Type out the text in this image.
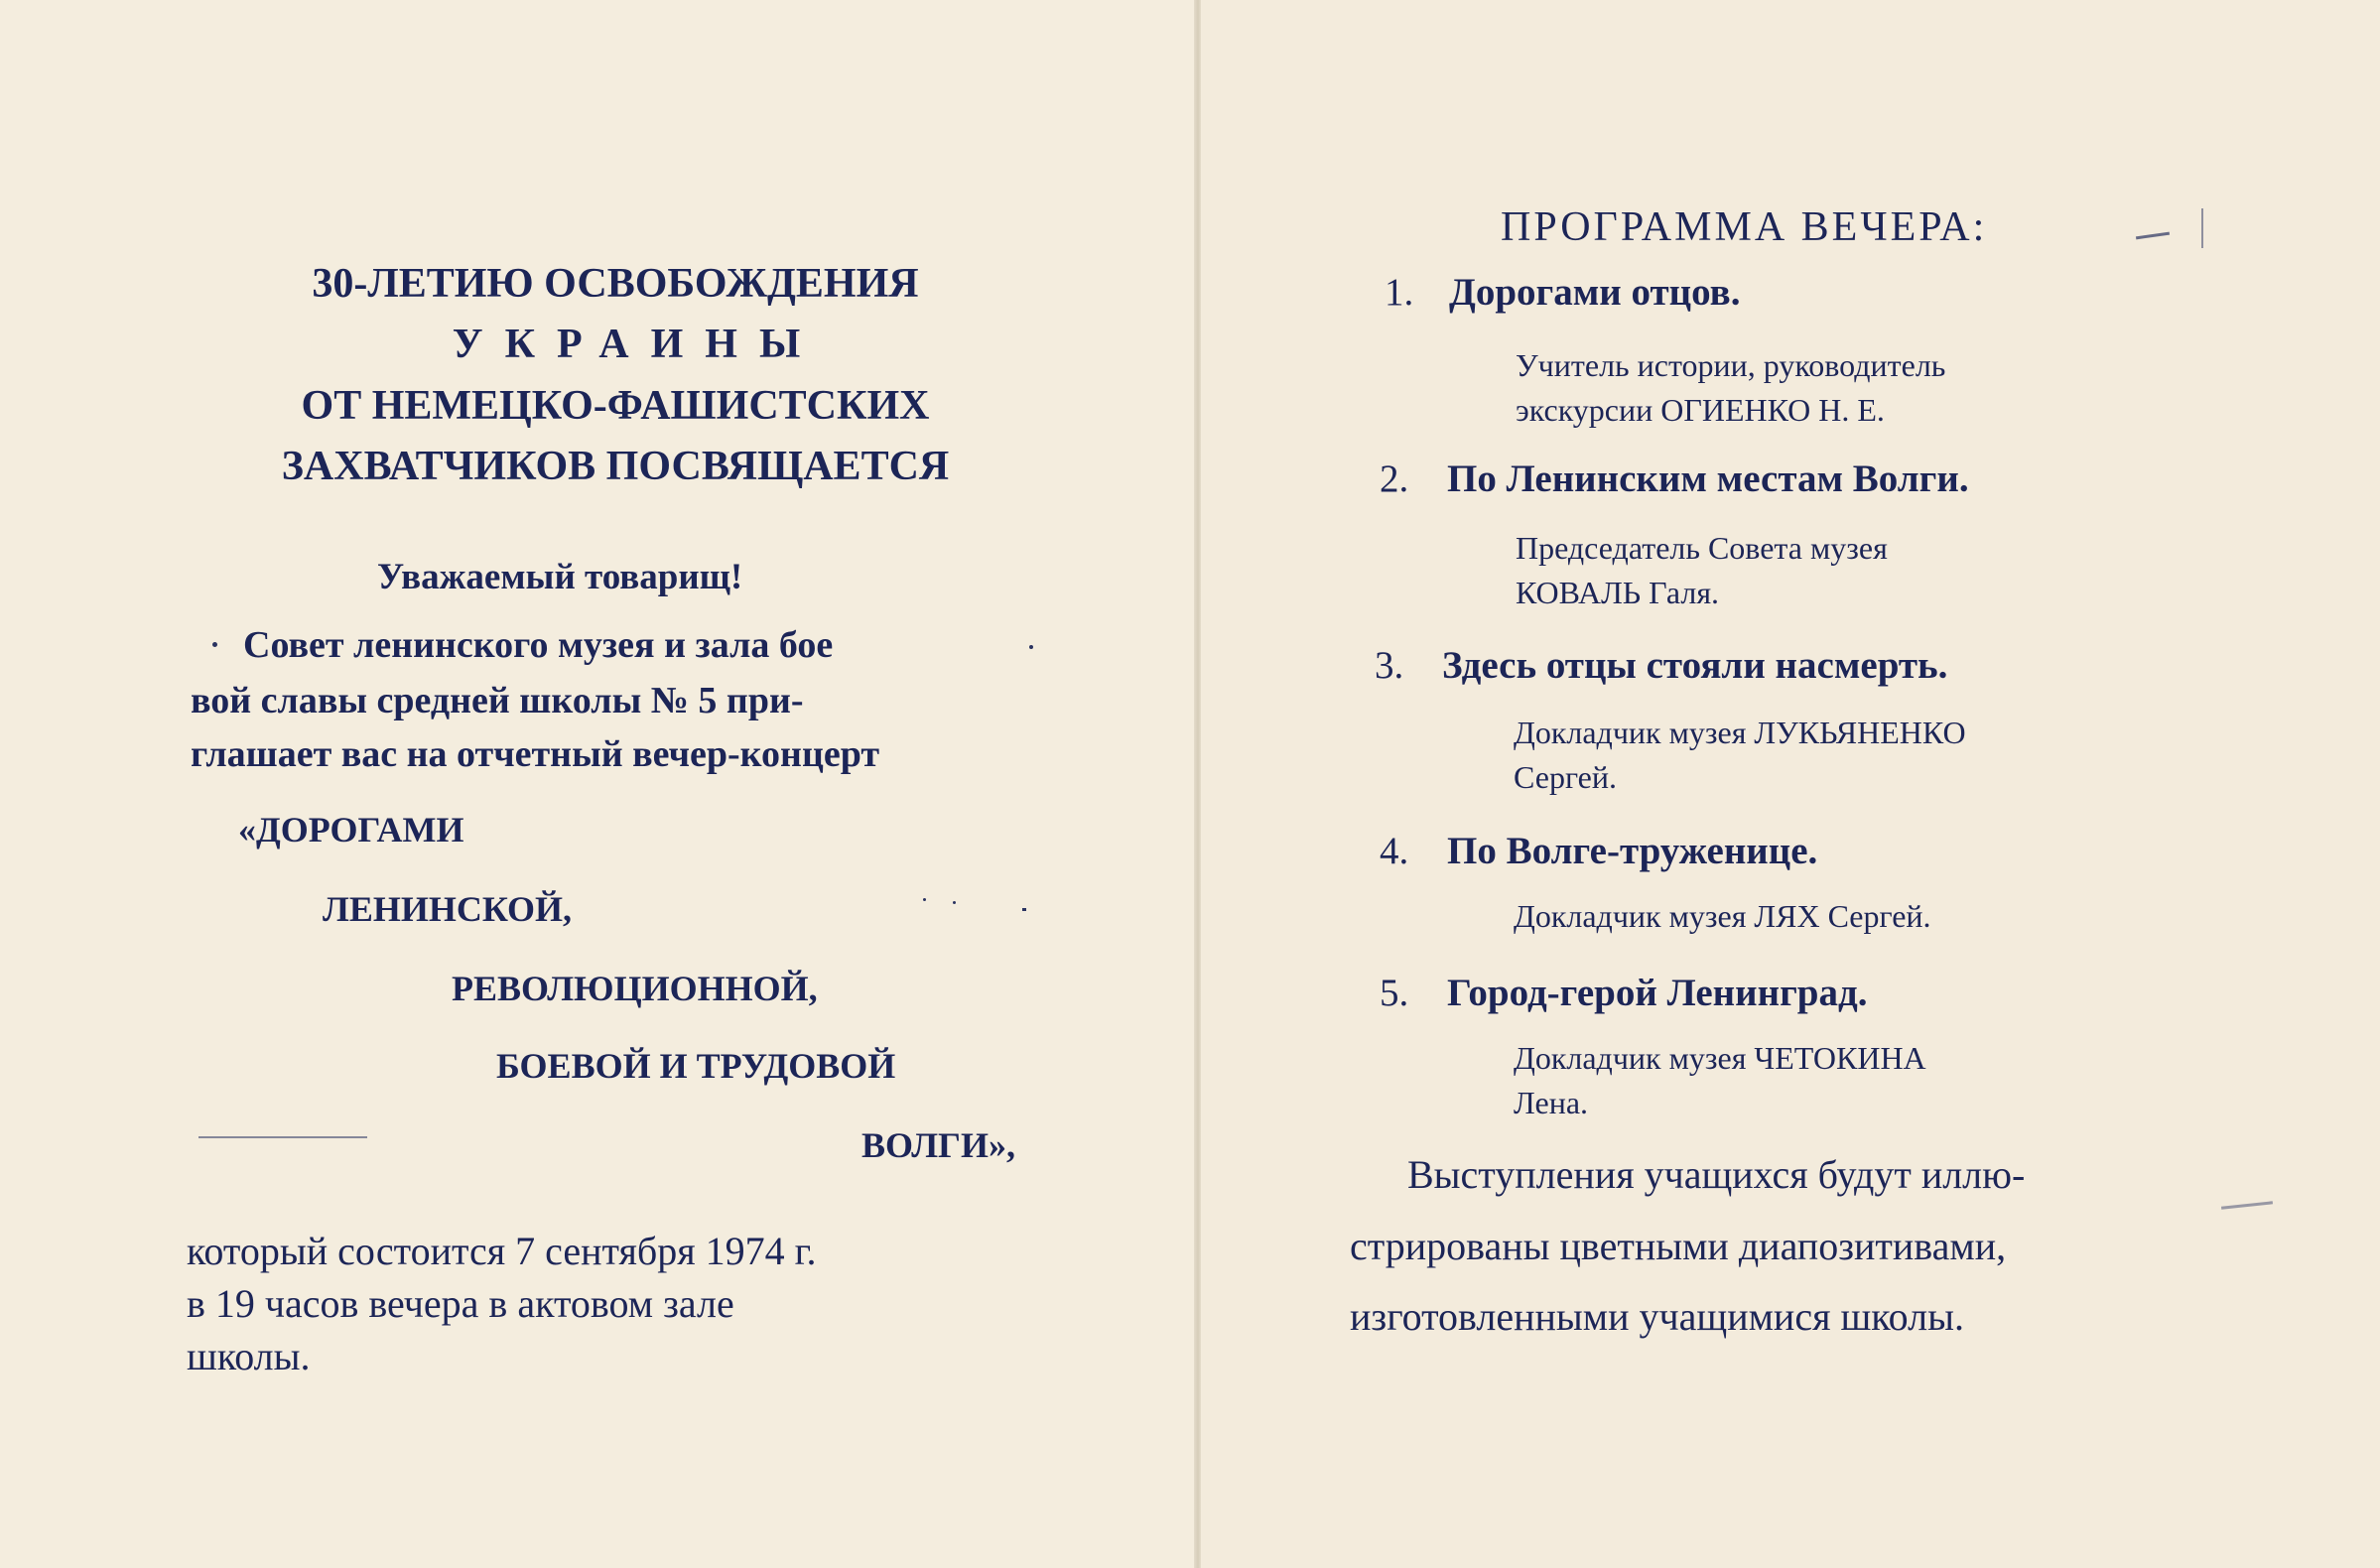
30-ЛЕТИЮ ОСВОБОЖДЕНИЯ
УКРАИНЫ
ОТ НЕМЕЦКО-ФАШИСТСКИХ
ЗАХВАТЧИКОВ ПОСВЯЩАЕТСЯ
Уважаемый товарищ!
Совет ленинского музея и зала бое
вой славы средней школы № 5 при-
глашает вас на отчетный вечер-концерт
«ДОРОГАМИ
ЛЕНИНСКОЙ,
РЕВОЛЮЦИОННОЙ,
БОЕВОЙ И ТРУДОВОЙ
ВОЛГИ»,
который состоится 7 сентября 1974 г.
в 19 часов вечера в актовом зале
школы.
ПРОГРАММА ВЕЧЕРА:
1. Дорогами отцов.
Учитель истории, руководитель
экскурсии ОГИЕНКО Н. Е.
2. По Ленинским местам Волги.
Председатель Совета музея
КОВАЛЬ Галя.
3. Здесь отцы стояли насмерть.
Докладчик музея ЛУКЬЯНЕНКО
Сергей.
4. По Волге-труженице.
Докладчик музея ЛЯХ Сергей.
5. Город-герой Ленинград.
Докладчик музея ЧЕТОКИНА
Лена.
Выступления учащихся будут иллю-
стрированы цветными диапозитивами,
изготовленными учащимися школы.
